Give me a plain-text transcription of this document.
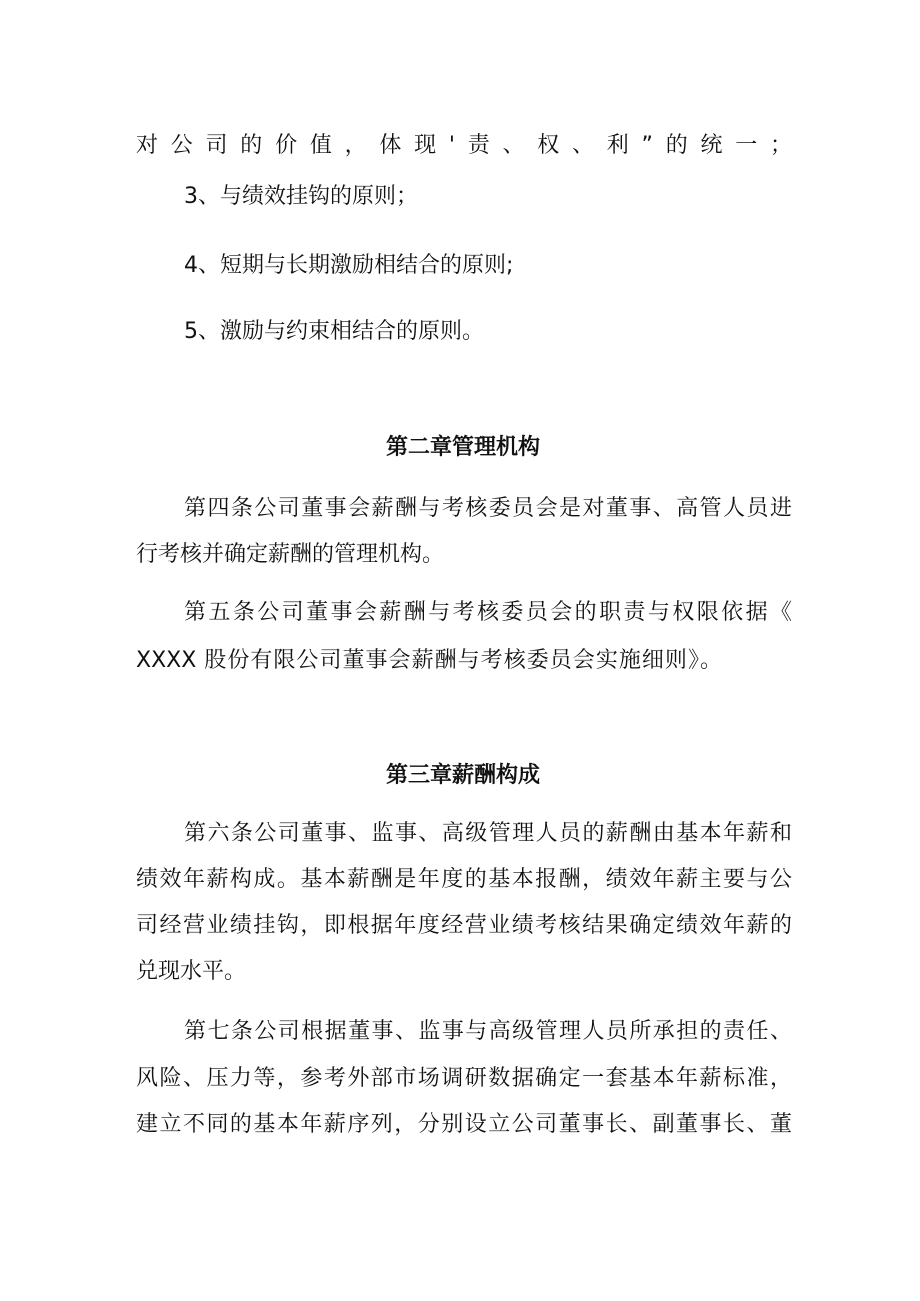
对公司的价值，体现'责、权、利”的统一；
3、与绩效挂钩的原则；
4、短期与长期激励相结合的原则;
5、激励与约束相结合的原则。
第二章管理机构
第四条公司董事会薪酬与考核委员会是对董事、高管人员进
行考核并确定薪酬的管理机构。
第五条公司董事会薪酬与考核委员会的职责与权限依据《
XXXX 股份有限公司董事会薪酬与考核委员会实施细则》。
第三章薪酬构成
第六条公司董事、监事、高级管理人员的薪酬由基本年薪和
绩效年薪构成。基本薪酬是年度的基本报酬，绩效年薪主要与公
司经营业绩挂钩，即根据年度经营业绩考核结果确定绩效年薪的
兑现水平。
第七条公司根据董事、监事与高级管理人员所承担的责任、
风险、压力等，参考外部市场调研数据确定一套基本年薪标准，
建立不同的基本年薪序列，分别设立公司董事长、副董事长、董
